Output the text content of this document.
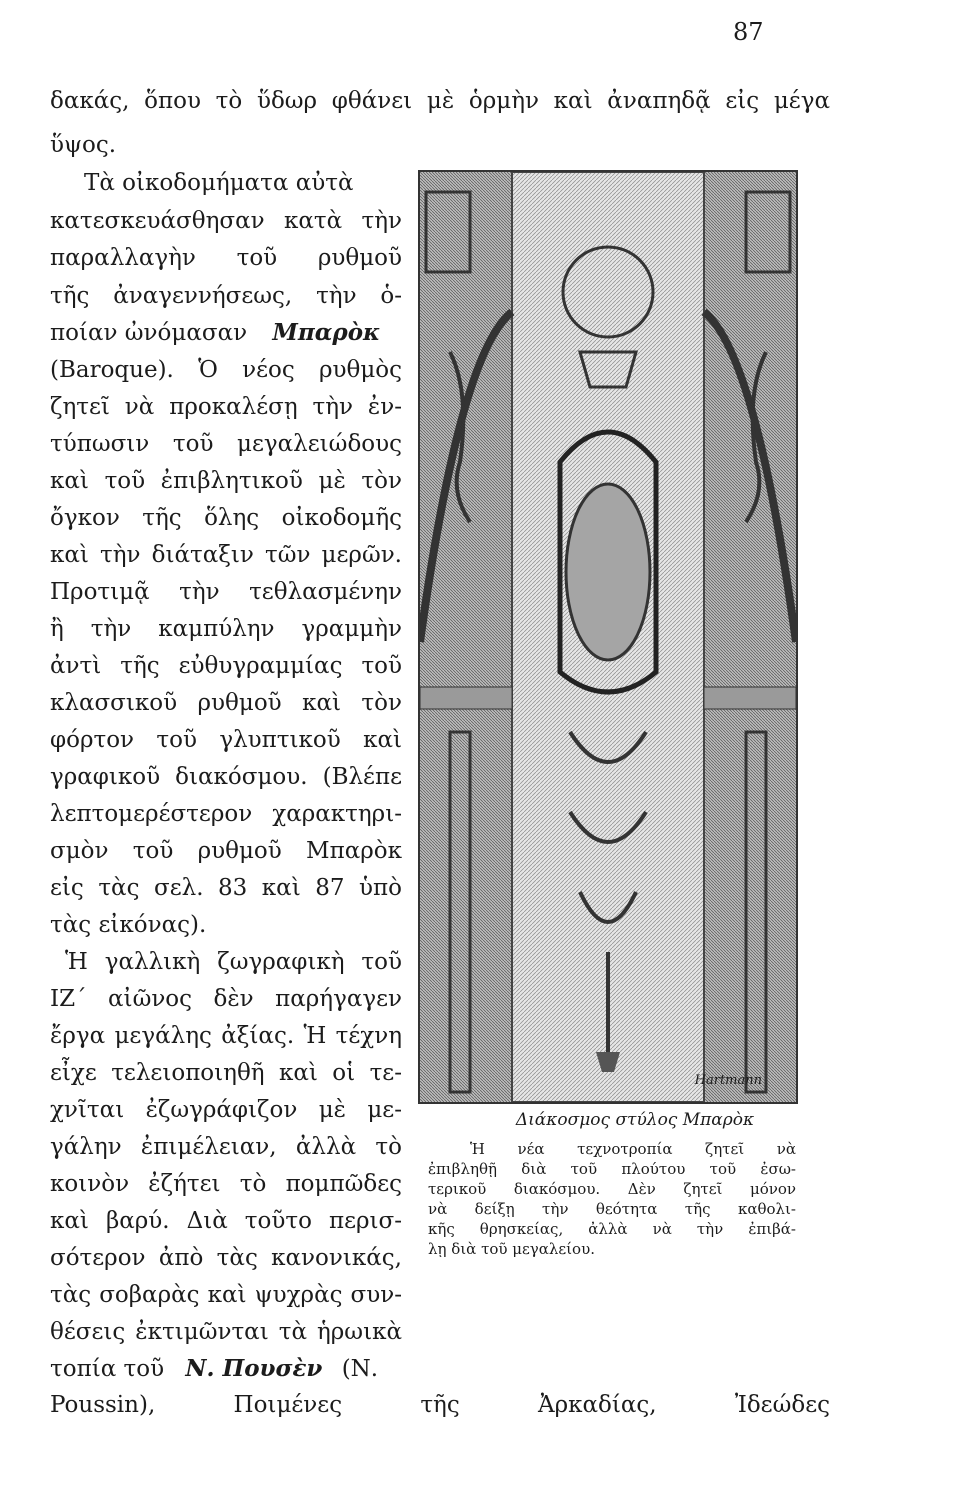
87

δακάς, ὅπου τὸ ὕδωρ φθάνει μὲ ὁρμὴν καὶ ἀναπηδᾷ εἰς μέγα

ὕψος.

Τὰ οἰκοδομήματα αὐτὰ

κατεσκευάσθησαν κατὰ τὴν

παραλλαγὴν τοῦ ρυθμοῦ

τῆς ἀναγεννήσεως, τὴν ὁ-

ποίαν ὠνόμασαν Μπαρὸκ

(Baroque). Ὁ νέος ρυθμὸς

ζητεῖ νὰ προκαλέσῃ τὴν ἐν-

τύπωσιν τοῦ μεγαλειώδους

καὶ τοῦ ἐπιβλητικοῦ μὲ τὸν

ὄγκον τῆς ὅλης οἰκοδομῆς

καὶ τὴν διάταξιν τῶν μερῶν.

Προτιμᾷ τὴν τεθλασμένην

ἢ τὴν καμπύλην γραμμὴν

ἀντὶ τῆς εὐθυγραμμίας τοῦ

κλασσικοῦ ρυθμοῦ καὶ τὸν

φόρτον τοῦ γλυπτικοῦ καὶ

γραφικοῦ διακόσμου. (Βλέπε

λεπτομερέστερον χαρακτηρι-

σμὸν τοῦ ρυθμοῦ Μπαρὸκ

εἰς τὰς σελ. 83 καὶ 87 ὑπὸ

τὰς εἰκόνας).

Ἡ γαλλικὴ ζωγραφικὴ τοῦ

ΙΖ΄ αἰῶνος δὲν παρήγαγεν

ἔργα μεγάλης ἀξίας. Ἡ τέχνη

εἶχε τελειοποιηθῆ καὶ οἱ τε-

χνῖται ἐζωγράφιζον μὲ με-

γάλην ἐπιμέλειαν, ἀλλὰ τὸ

κοινὸν ἐζήτει τὸ πομπῶδες

καὶ βαρύ. Διὰ τοῦτο περισ-

σότερον ἀπὸ τὰς κανονικάς,

τὰς σοβαρὰς καὶ ψυχρὰς συν-

θέσεις ἐκτιμῶνται τὰ ἡρωικὰ

τοπία τοῦ Ν. Πουσὲν (Ν.

Poussin), Ποιμένες τῆς Ἀρκαδίας, Ἰδεώδες

Hartmann
Διάκοσμος στύλος Μπαρὸκ

Ἡ νέα τεχνοτροπία ζητεῖ νὰ

ἐπιβληθῇ διὰ τοῦ πλούτου τοῦ ἐσω-

τερικοῦ διακόσμου. Δὲν ζητεῖ μόνον

νὰ δείξῃ τὴν θεότητα τῆς καθολι-

κῆς θρησκείας, ἀλλὰ νὰ τὴν ἐπιβά-

λῃ διὰ τοῦ μεγαλείου.
